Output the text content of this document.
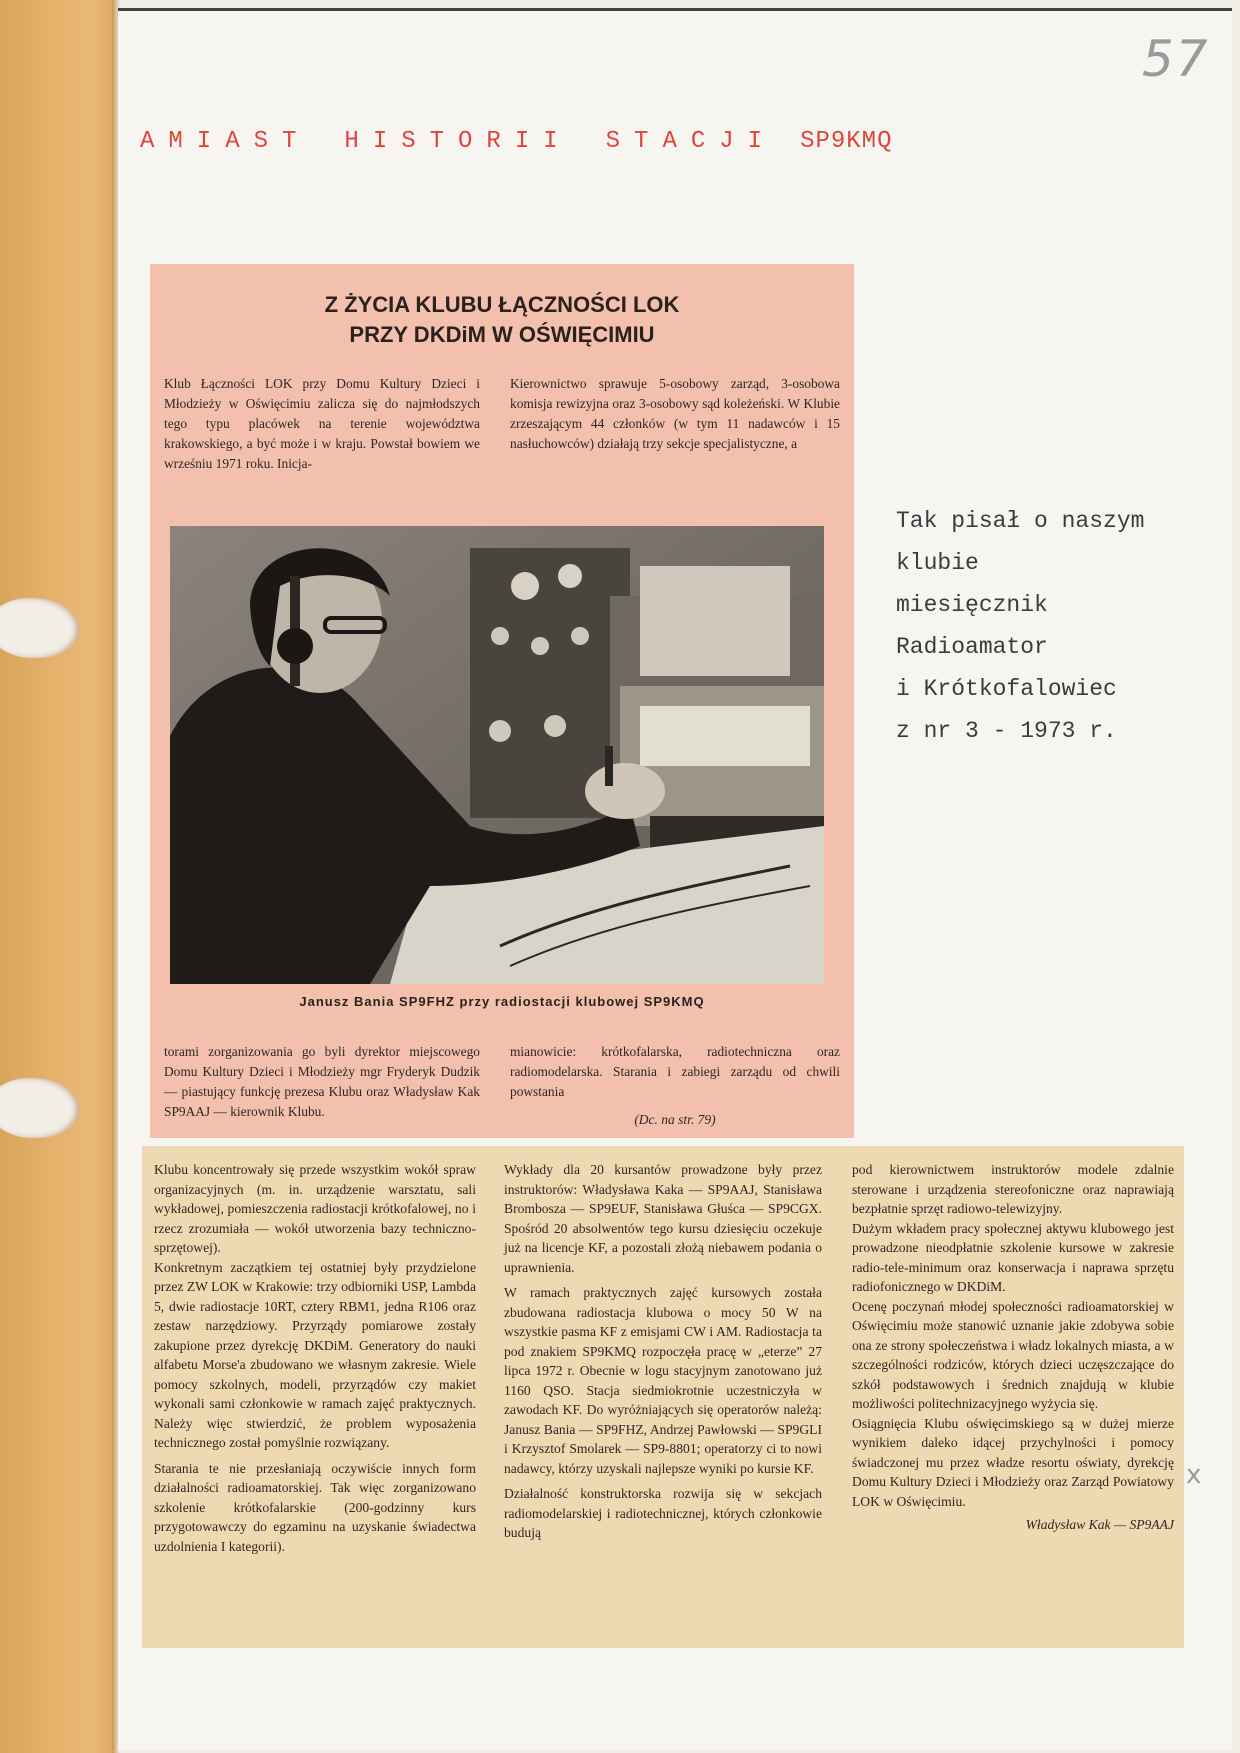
57
AMIAST HISTORII STACJI SP9KMQ
Z ŻYCIA KLUBU ŁĄCZNOŚCI LOK
PRZY DKDiM W OŚWIĘCIMIU

Klub Łączności LOK przy Domu Kultury Dzieci i Młodzieży w Oświęcimiu zalicza się do najmłodszych tego typu placówek na terenie województwa krakowskiego, a być może i w kraju. Powstał bowiem we wrześniu 1971 roku. Inicja-

Kierownictwo sprawuje 5-osobowy zarząd, 3-osobowa komisja rewizyjna oraz 3-osobowy sąd koleżeński. W Klubie zrzeszającym 44 członków (w tym 11 nadawców i 15 nasłuchowców) działają trzy sekcje specjalistyczne, a

Janusz Bania SP9FHZ przy radiostacji klubowej SP9KMQ

torami zorganizowania go byli dyrektor miejscowego Domu Kultury Dzieci i Młodzieży mgr Fryderyk Dudzik — piastujący funkcję prezesa Klubu oraz Władysław Kak SP9AAJ — kierownik Klubu.

mianowicie: krótkofalarska, radiotechniczna oraz radiomodelarska. Starania i zabiegi zarządu od chwili powstania

(Dc. na str. 79)
Tak pisał o naszym
klubie
miesięcznik
Radioamator
i Krótkofalowiec
z nr 3 - 1973 r.

Klubu koncentrowały się przede wszystkim wokół spraw organizacyjnych (m. in. urządzenie warsztatu, sali wykładowej, pomieszczenia radiostacji krótkofalowej, no i rzecz zrozumiała — wokół utworzenia bazy techniczno-sprzętowej).

Konkretnym zaczątkiem tej ostatniej były przydzielone przez ZW LOK w Krakowie: trzy odbiorniki USP, Lambda 5, dwie radiostacje 10RT, cztery RBM1, jedna R106 oraz zestaw narzędziowy. Przyrządy pomiarowe zostały zakupione przez dyrekcję DKDiM. Generatory do nauki alfabetu Morse'a zbudowano we własnym zakresie. Wiele pomocy szkolnych, modeli, przyrządów czy makiet wykonali sami członkowie w ramach zajęć praktycznych. Należy więc stwierdzić, że problem wyposażenia technicznego został pomyślnie rozwiązany.

Starania te nie przesłaniają oczywiście innych form działalności radioamatorskiej. Tak więc zorganizowano szkolenie krótkofalarskie (200-godzinny kurs przygotowawczy do egzaminu na uzyskanie świadectwa uzdolnienia I kategorii).

Wykłady dla 20 kursantów prowadzone były przez instruktorów: Władysława Kaka — SP9AAJ, Stanisława Bromboszа — SP9EUF, Stanisława Głuśca — SP9CGX. Spośród 20 absolwentów tego kursu dziesięciu oczekuje już na licencje KF, a pozostali złożą niebawem podania o uprawnienia.

W ramach praktycznych zajęć kursowych została zbudowana radiostacja klubowa o mocy 50 W na wszystkie pasma KF z emisjami CW i AM. Radiostacja ta pod znakiem SP9KMQ rozpoczęła pracę w „eterze” 27 lipca 1972 r. Obecnie w logu stacyjnym zanotowano już 1160 QSO. Stacja siedmiokrotnie uczestniczyła w zawodach KF. Do wyróżniających się operatorów należą: Janusz Bania — SP9FHZ, Andrzej Pawłowski — SP9GLI i Krzysztof Smolarek — SP9-8801; operatorzy ci to nowi nadawcy, którzy uzyskali najlepsze wyniki po kursie KF.

Działalność konstruktorska rozwija się w sekcjach radiomodelarskiej i radiotechnicznej, których członkowie budują

pod kierownictwem instruktorów modele zdalnie sterowane i urządzenia stereofoniczne oraz naprawiają bezpłatnie sprzęt radiowo-telewizyjny.

Dużym wkładem pracy społecznej aktywu klubowego jest prowadzone nieodpłatnie szkolenie kursowe w zakresie radio-tele-minimum oraz konserwacja i naprawa sprzętu radiofonicznego w DKDiM.

Ocenę poczynań młodej społeczności radioamatorskiej w Oświęcimiu może stanowić uznanie jakie zdobywa sobie ona ze strony społeczeństwa i władz lokalnych miasta, a w szczególności rodziców, których dzieci uczęszczające do szkół podstawowych i średnich znajdują w klubie możliwości politechnizacyjnego wyżycia się.

Osiągnięcia Klubu oświęcimskiego są w dużej mierze wynikiem daleko idącej przychylności i pomocy świadczonej mu przez władze resortu oświaty, dyrekcję Domu Kultury Dzieci i Młodzieży oraz Zarząd Powiatowy LOK w Oświęcimiu.

Władysław Kak — SP9AAJ

x
